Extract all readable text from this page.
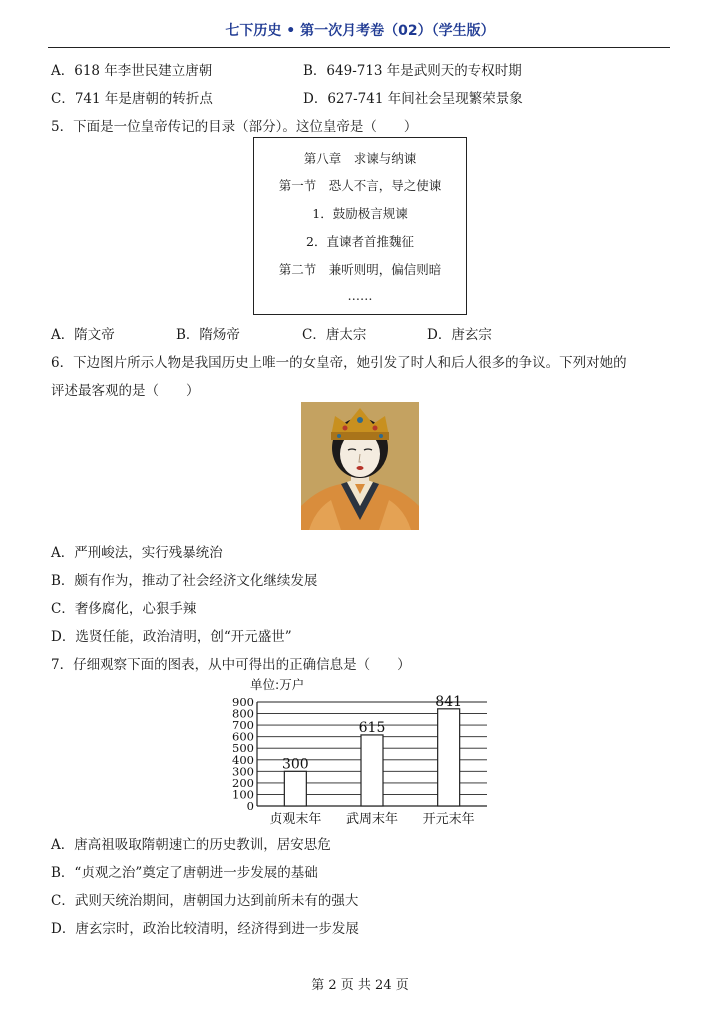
七下历史 • 第一次月考卷（02）（学生版）
A．618 年李世民建立唐朝	B．649-713 年是武则天的专权时期
C．741 年是唐朝的转折点	D．627-741 年间社会呈现繁荣景象
5．下面是一位皇帝传记的目录（部分）。这位皇帝是（　　）
第八章　求谏与纳谏
第一节　恐人不言，导之使谏
1．鼓励极言规谏
2．直谏者首推魏征
第二节　兼听则明，偏信则暗
……
A．隋文帝	B．隋炀帝	C．唐太宗	D．唐玄宗
6．下边图片所示人物是我国历史上唯一的女皇帝，她引发了时人和后人很多的争议。下列对她的
评述最客观的是（　　）
A．严刑峻法，实行残暴统治
B．颇有作为，推动了社会经济文化继续发展
C．奢侈腐化，心狠手辣
D．选贤任能，政治清明，创“开元盛世”
7．仔细观察下面的图表，从中可得出的正确信息是（　　）
单位:万户
0
100
200
300
400
500
600
700
800
900
300
615
841
贞观末年 武周末年 开元末年
A．唐高祖吸取隋朝速亡的历史教训，居安思危
B．“贞观之治”奠定了唐朝进一步发展的基础
C．武则天统治期间，唐朝国力达到前所未有的强大
D．唐玄宗时，政治比较清明，经济得到进一步发展
第 2 页 共 24 页
